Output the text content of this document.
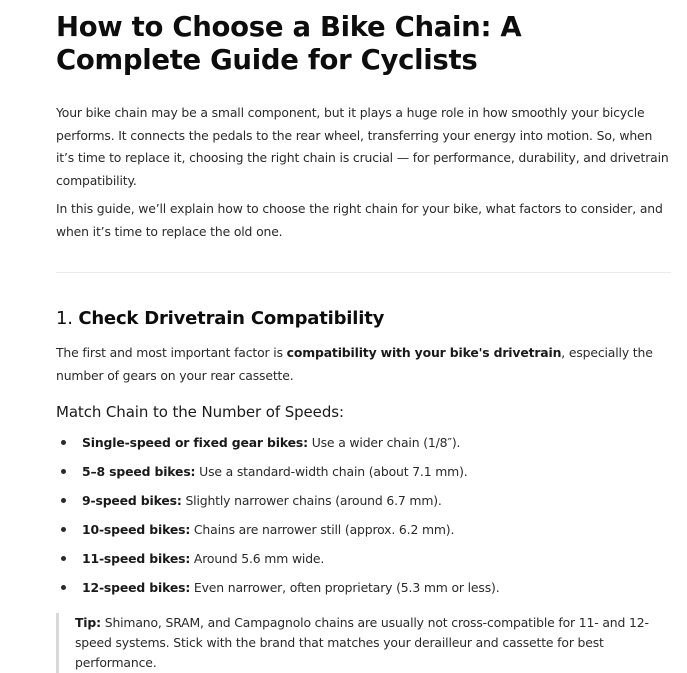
How to Choose a Bike Chain: A Complete Guide for Cyclists

Your bike chain may be a small component, but it plays a huge role in how smoothly your bicycle performs. It connects the pedals to the rear wheel, transferring your energy into motion. So, when it’s time to replace it, choosing the right chain is crucial — for performance, durability, and drivetrain compatibility.

In this guide, we’ll explain how to choose the right chain for your bike, what factors to consider, and when it’s time to replace the old one.

1. Check Drivetrain Compatibility

The first and most important factor is compatibility with your bike's drivetrain, especially the number of gears on your rear cassette.

Match Chain to the Number of Speeds:
Single-speed or fixed gear bikes: Use a wider chain (1/8″).
5–8 speed bikes: Use a standard-width chain (about 7.1 mm).
9-speed bikes: Slightly narrower chains (around 6.7 mm).
10-speed bikes: Chains are narrower still (approx. 6.2 mm).
11-speed bikes: Around 5.6 mm wide.
12-speed bikes: Even narrower, often proprietary (5.3 mm or less).
Tip: Shimano, SRAM, and Campagnolo chains are usually not cross-compatible for 11- and 12-speed systems. Stick with the brand that matches your derailleur and cassette for best performance.
